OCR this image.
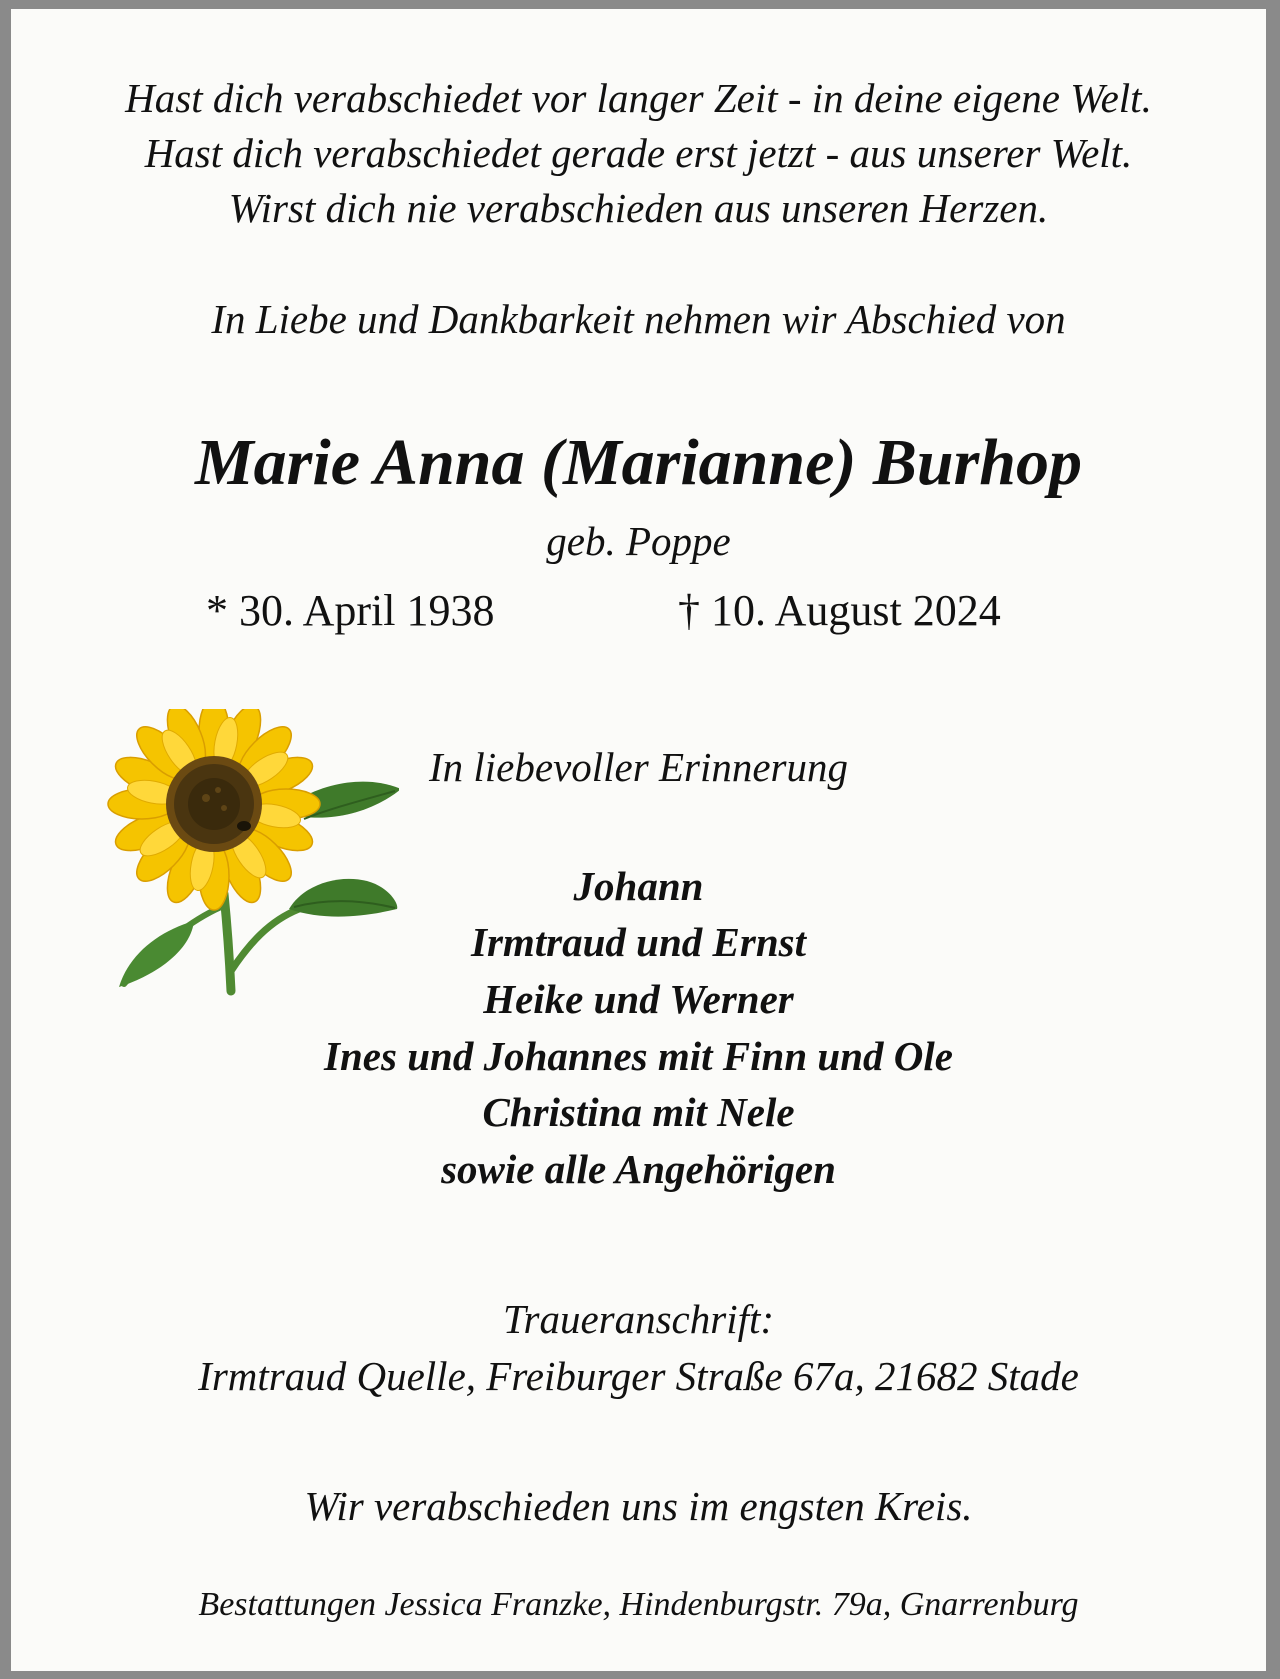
Hast dich verabschiedet vor langer Zeit - in deine eigene Welt.
Hast dich verabschiedet gerade erst jetzt - aus unserer Welt.
Wirst dich nie verabschieden aus unseren Herzen.
In Liebe und Dankbarkeit nehmen wir Abschied von
Marie Anna (Marianne) Burhop
geb. Poppe
* 30. April 1938	† 10. August 2024
In liebevoller Erinnerung
Johann
Irmtraud und Ernst
Heike und Werner
Ines und Johannes mit Finn und Ole
Christina mit Nele
sowie alle Angehörigen
Traueranschrift:
Irmtraud Quelle, Freiburger Straße 67a, 21682 Stade
Wir verabschieden uns im engsten Kreis.
Bestattungen Jessica Franzke, Hindenburgstr. 79a, Gnarrenburg
